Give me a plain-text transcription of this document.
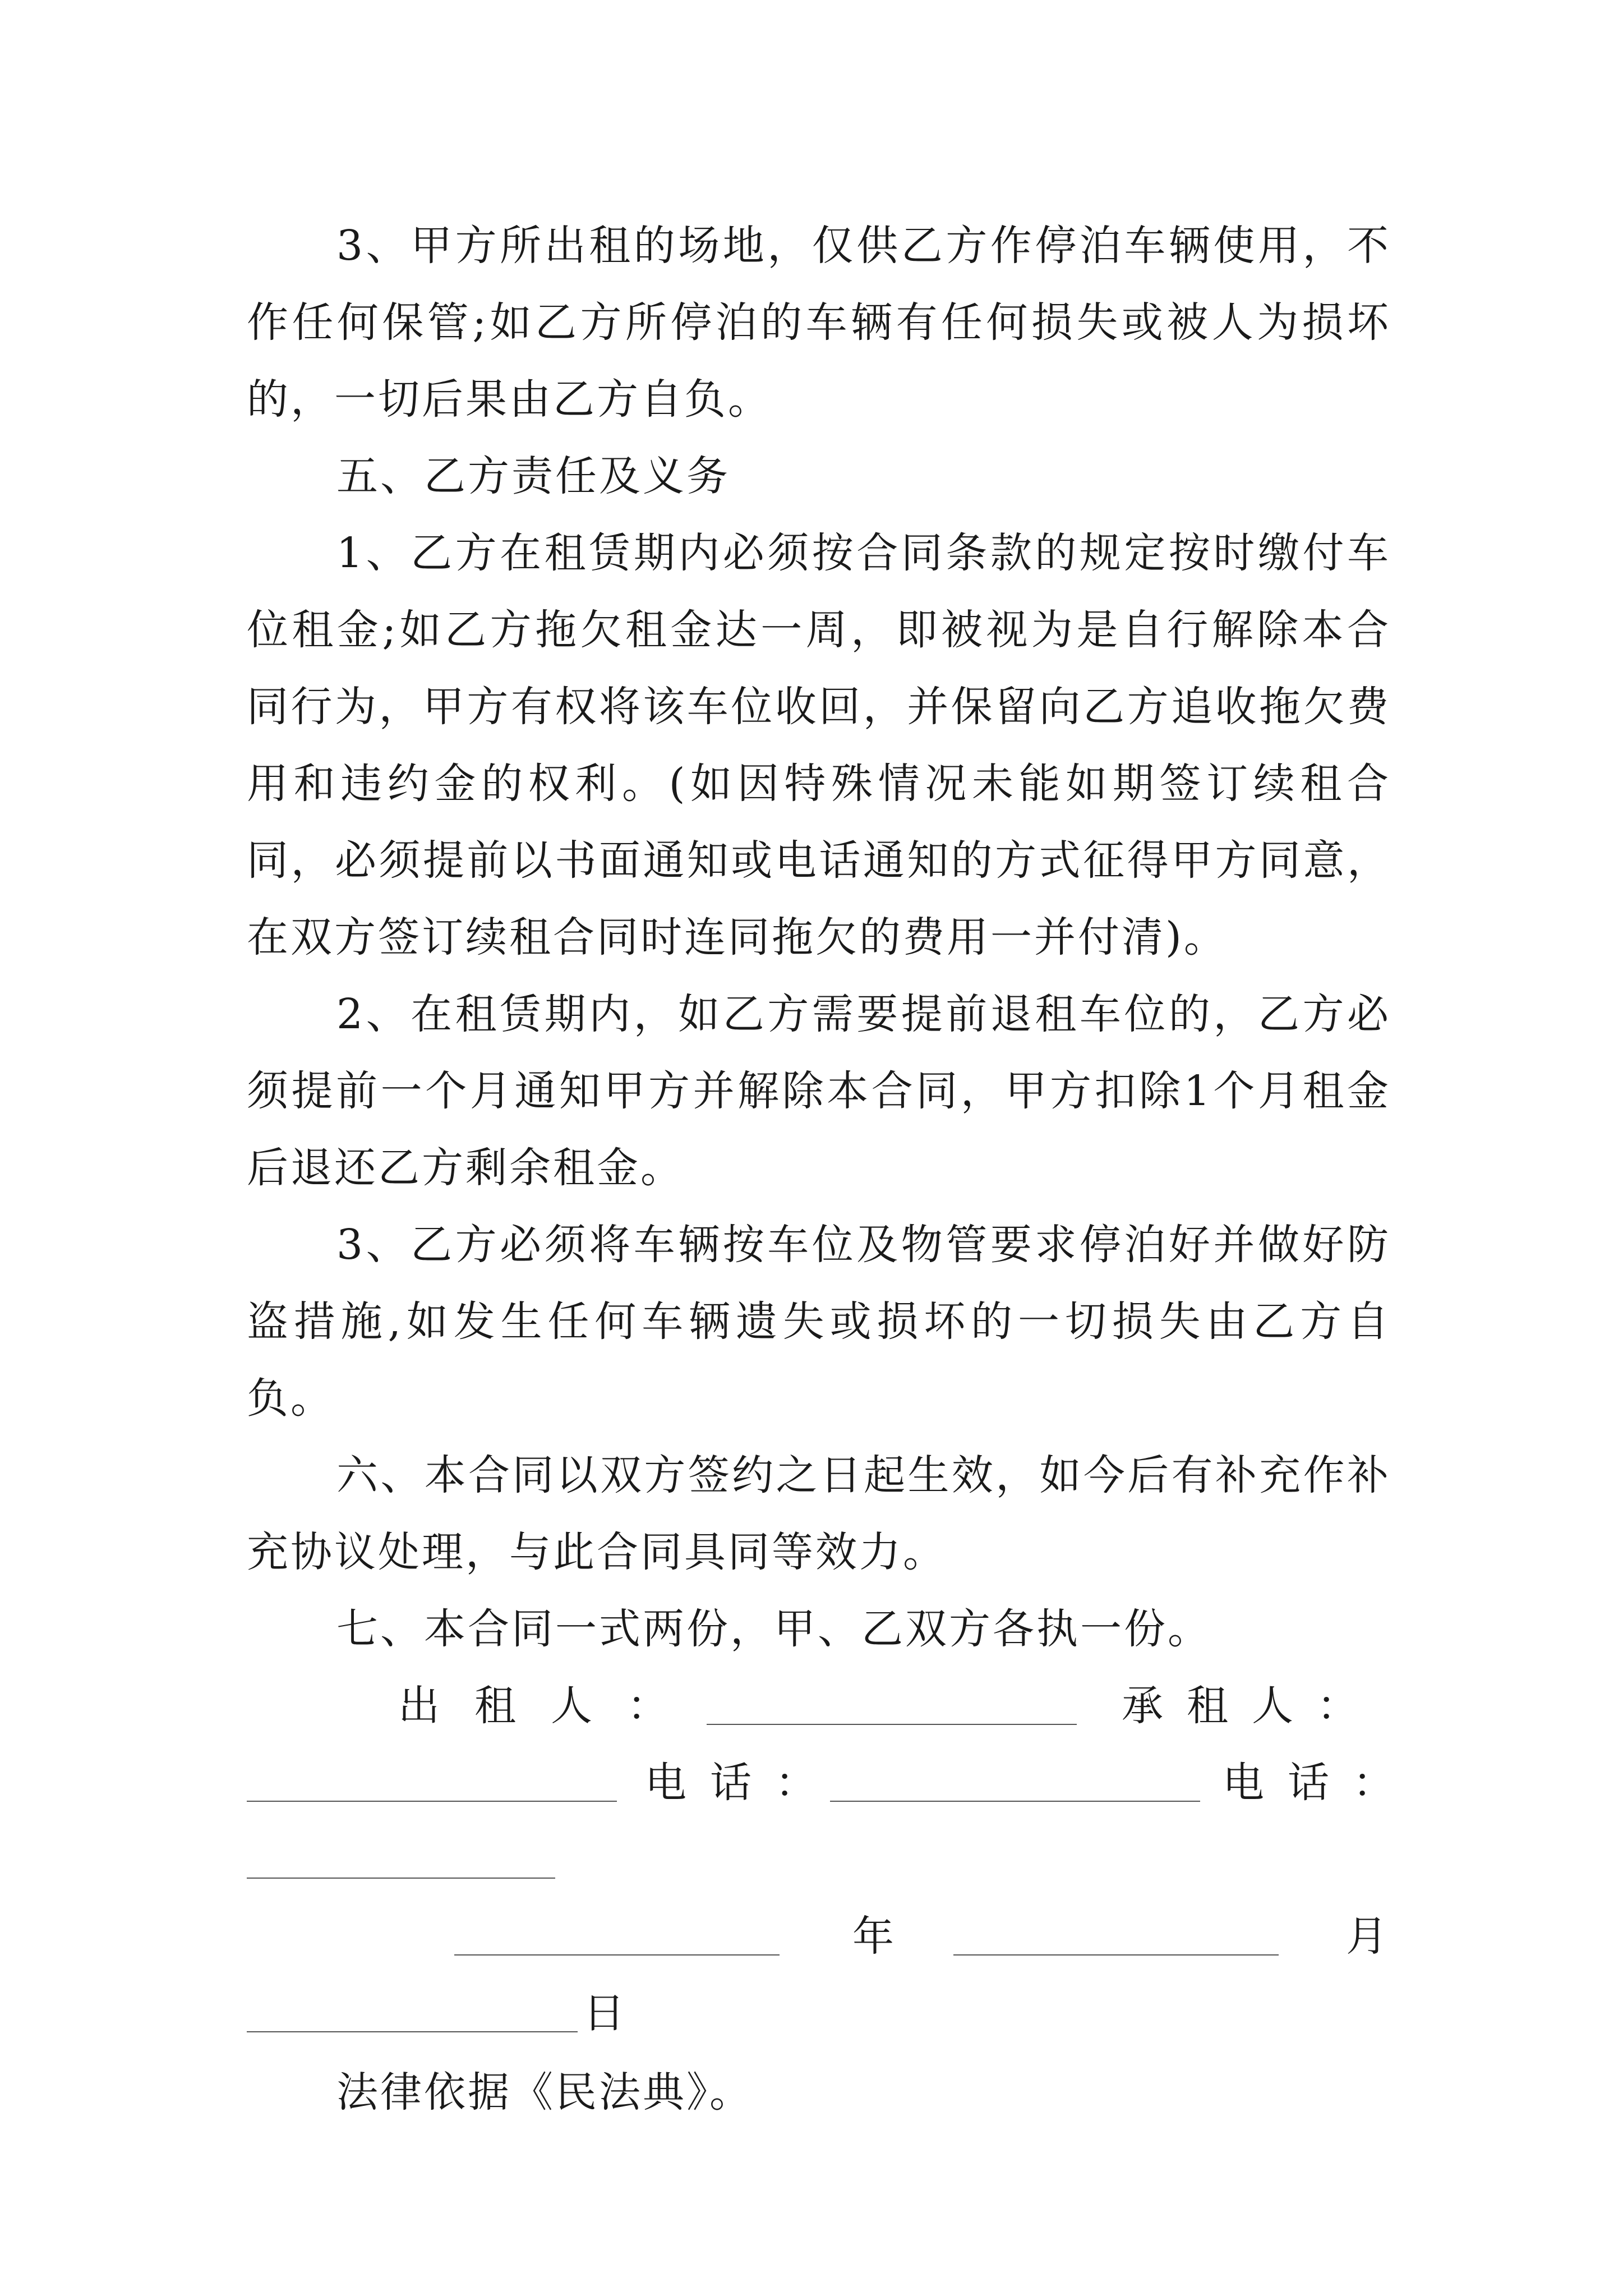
3、甲方所出租的场地，仅供乙方作停泊车辆使用，不作任何保管;如乙方所停泊的车辆有任何损失或被人为损坏的，一切后果由乙方自负。

五、乙方责任及义务

1、乙方在租赁期内必须按合同条款的规定按时缴付车位租金;如乙方拖欠租金达一周，即被视为是自行解除本合同行为，甲方有权将该车位收回，并保留向乙方追收拖欠费用和违约金的权利。(如因特殊情况未能如期签订续租合同，必须提前以书面通知或电话通知的方式征得甲方同意，在双方签订续租合同时连同拖欠的费用一并付清)。

2、在租赁期内，如乙方需要提前退租车位的，乙方必须提前一个月通知甲方并解除本合同，甲方扣除1个月租金后退还乙方剩余租金。

3、乙方必须将车辆按车位及物管要求停泊好并做好防盗措施,如发生任何车辆遗失或损坏的一切损失由乙方自负。

六、本合同以双方签约之日起生效，如今后有补充作补充协议处理，与此合同具同等效力。

七、本合同一式两份，甲、乙双方各执一份。

出租人：	承租人：
电话：	电话：
年	月
日

法律依据《民法典》。
